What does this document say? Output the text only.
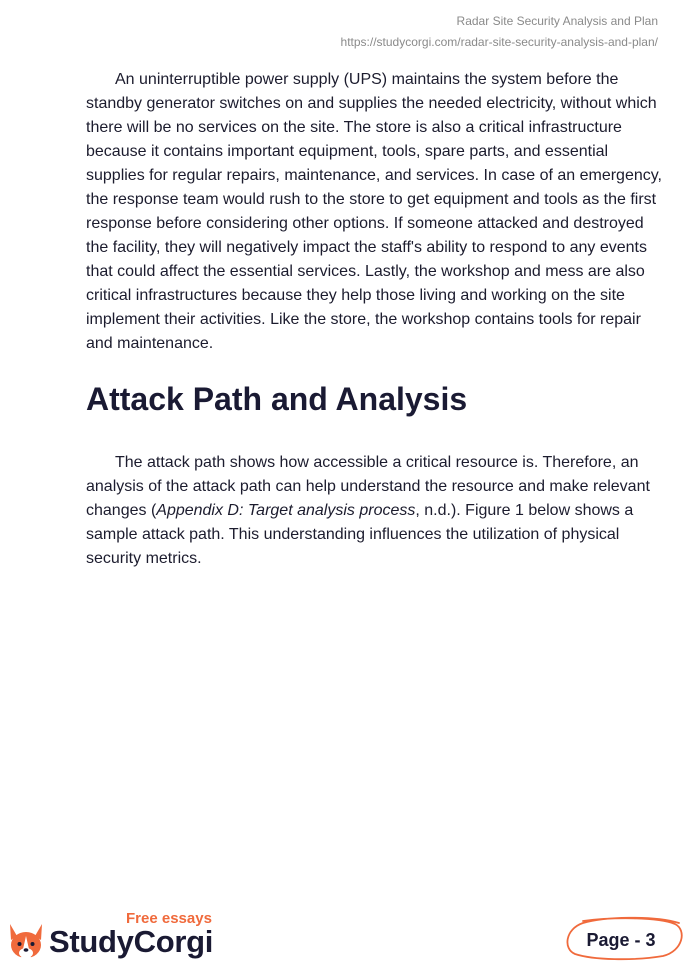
Radar Site Security Analysis and Plan
https://studycorgi.com/radar-site-security-analysis-and-plan/

An uninterruptible power supply (UPS) maintains the system before the standby generator switches on and supplies the needed electricity, without which there will be no services on the site. The store is also a critical infrastructure because it contains important equipment, tools, spare parts, and essential supplies for regular repairs, maintenance, and services. In case of an emergency, the response team would rush to the store to get equipment and tools as the first response before considering other options. If someone attacked and destroyed the facility, they will negatively impact the staff's ability to respond to any events that could affect the essential services. Lastly, the workshop and mess are also critical infrastructures because they help those living and working on the site implement their activities. Like the store, the workshop contains tools for repair and maintenance.

Attack Path and Analysis

The attack path shows how accessible a critical resource is. Therefore, an analysis of the attack path can help understand the resource and make relevant changes (Appendix D: Target analysis process, n.d.). Figure 1 below shows a sample attack path. This understanding influences the utilization of physical security metrics.

Free essays
StudyCorgi	Page - 3
